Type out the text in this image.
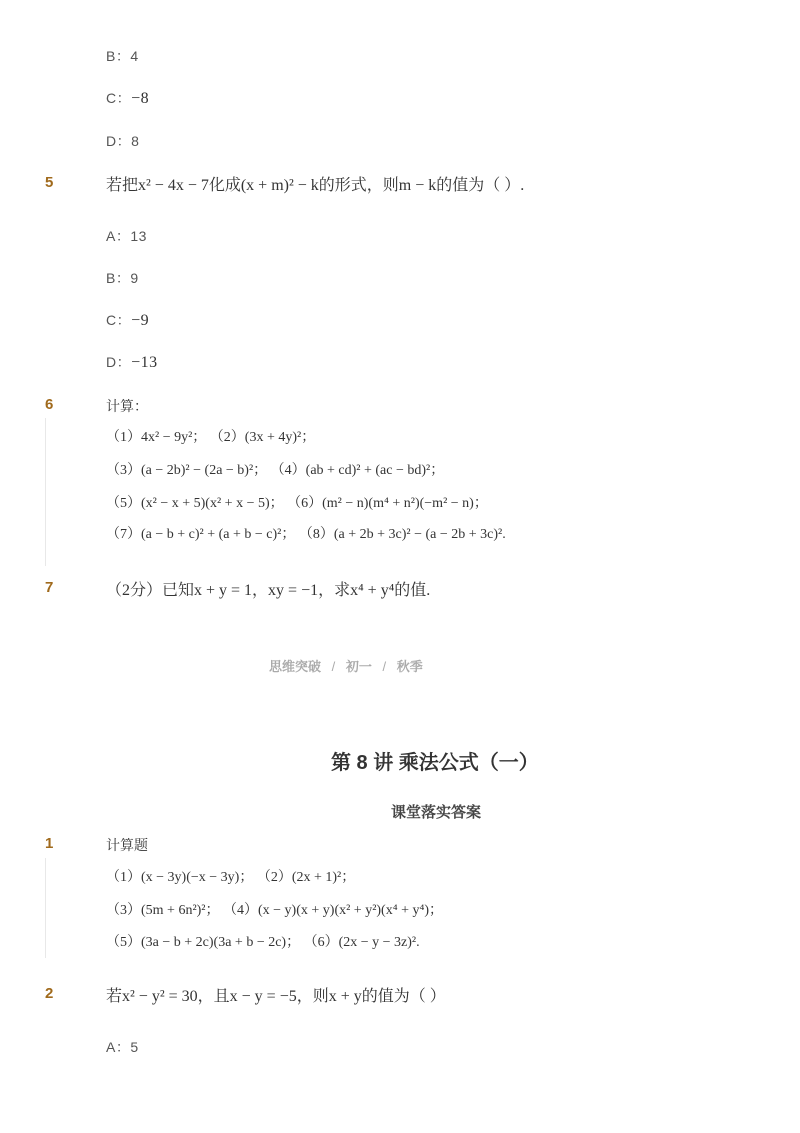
B：4
C：−8
D：8
5	若把x² − 4x − 7化成(x + m)² − k的形式，则m − k的值为（ ）.
A：13
B：9
C：−9
D：−13
6	计算：
（1）4x² − 9y²； （2）(3x + 4y)²；
（3）(a − 2b)² − (2a − b)²； （4）(ab + cd)² + (ac − bd)²；
（5）(x² − x + 5)(x² + x − 5)； （6）(m² − n)(m⁴ + n²)(−m² − n)；
（7）(a − b + c)² + (a + b − c)²； （8）(a + 2b + 3c)² − (a − 2b + 3c)².
7	（2分）已知x + y = 1，xy = −1，求x⁴ + y⁴的值.
思维突破 / 初一 / 秋季
第 8 讲 乘法公式（一）
课堂落实答案
1	计算题
（1）(x − 3y)(−x − 3y)； （2）(2x + 1)²；
（3）(5m + 6n²)²； （4）(x − y)(x + y)(x² + y²)(x⁴ + y⁴)；
（5）(3a − b + 2c)(3a + b − 2c)； （6）(2x − y − 3z)².
2	若x² − y² = 30，且x − y = −5，则x + y的值为（ ）
A：5
